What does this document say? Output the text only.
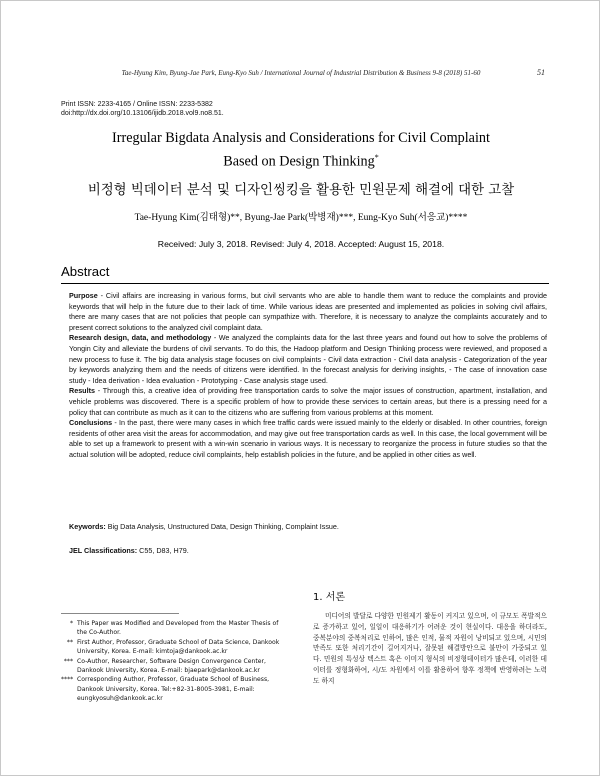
Tae-Hyung Kim, Byung-Jae Park, Eung-Kyo Suh / International Journal of Industrial Distribution & Business 9-8 (2018) 51-60	51
Print ISSN: 2233-4165 / Online ISSN: 2233-5382
doi:http://dx.doi.org/10.13106/ijidb.2018.vol9.no8.51.
Irregular Bigdata Analysis and Considerations for Civil Complaint
Based on Design Thinking*
비정형 빅데이터 분석 및 디자인씽킹을 활용한 민원문제 해결에 대한 고찰
Tae-Hyung Kim(김태형)**, Byung-Jae Park(박병재)***, Eung-Kyo Suh(서응교)****
Received: July 3, 2018. Revised: July 4, 2018. Accepted: August 15, 2018.
Abstract

Purpose - Civil affairs are increasing in various forms, but civil servants who are able to handle them want to reduce the complaints and provide keywords that will help in the future due to their lack of time. While various ideas are presented and implemented as policies in solving civil affairs, there are many cases that are not policies that people can sympathize with. Therefore, it is necessary to analyze the complaints accurately and to present correct solutions to the analyzed civil complaint data.

Research design, data, and methodology - We analyzed the complaints data for the last three years and found out how to solve the problems of Yongin City and alleviate the burdens of civil servants. To do this, the Hadoop platform and Design Thinking process were reviewed, and proposed a new process to fuse it. The big data analysis stage focuses on civil complaints - Civil data extraction - Civil data analysis - Categorization of the year by keywords analyzing them and the needs of citizens were identified. In the forecast analysis for deriving insights, - The case of innovation case study - Idea derivation - Idea evaluation - Prototyping - Case analysis stage used.

Results - Through this, a creative idea of providing free transportation cards to solve the major issues of construction, apartment, installation, and vehicle problems was discovered. There is a specific problem of how to provide these services to certain areas, but there is a pressing need for a policy that can contribute as much as it can to the citizens who are suffering from various problems at this moment.

Conclusions - In the past, there were many cases in which free traffic cards were issued mainly to the elderly or disabled. In other countries, foreign residents of other area visit the areas for accommodation, and may give out free transportation cards as well. In this case, the local government will be able to set up a framework to present with a win-win scenario in various ways. It is necessary to reorganize the process in future studies so that the actual solution will be adopted, reduce civil complaints, help establish policies in the future, and be applied in other cities as well.

Keywords: Big Data Analysis, Unstructured Data, Design Thinking, Complaint Issue.
JEL Classifications: C55, D83, H79.
* This Paper was Modified and Developed from the Master Thesis of the Co-Author.
** First Author, Professor, Graduate School of Data Science, Dankook University, Korea. E-mail: kimtoja@dankook.ac.kr
*** Co-Author, Researcher, Software Design Convergence Center, Dankook University, Korea. E-mail: bjaepark@dankook.ac.kr
**** Corresponding Author, Professor, Graduate School of Business, Dankook University, Korea. Tel:+82-31-8005-3981, E-mail: eungkyosuh@dankook.ac.kr
1. 서론
미디어의 발달로 다양한 민원제기 활동이 커지고 있으며, 이 규모도 폭발적으로 증가하고 있어, 일일이 대응하기가 어려운 것이 현실이다. 대응을 하더라도, 중복분야의 중복처리로 인하여, 많은 인적, 물적 자원이 낭비되고 있으며, 시민의 만족도 또한 처리기간이 길어지거나, 잘못된 해결방안으로 불만이 가중되고 있다. 민원의 특성상 텍스트 혹은 이미지 형식의 비정형데이터가 많은데, 이러한 데이터를 정형화하여, 시/도 차원에서 이를 활용하여 향후 정책에 반영하려는 노력도 하지
